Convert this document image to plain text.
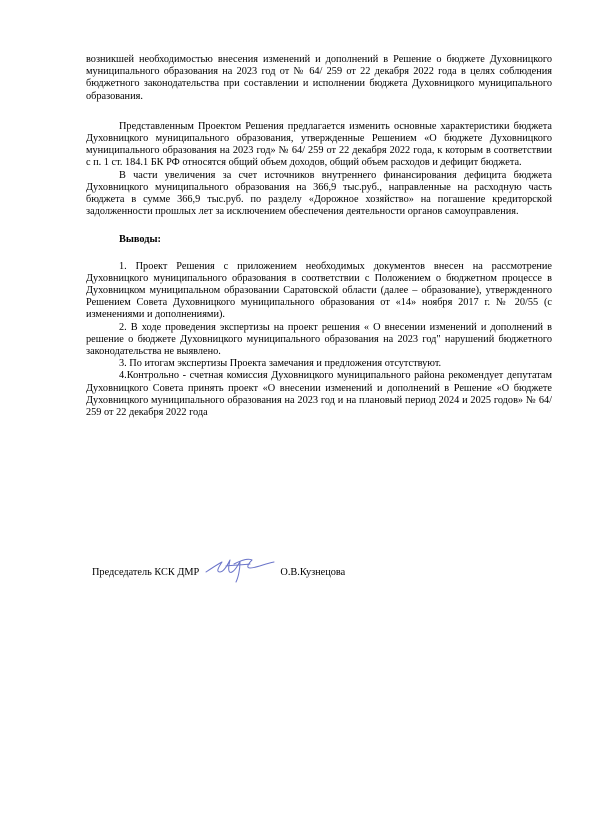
возникшей необходимостью внесения изменений и дополнений в Решение о бюджете Духовницкого муниципального образования на 2023 год от № 64/ 259 от 22 декабря 2022 года в целях соблюдения бюджетного законодательства при составлении и исполнении бюджета Духовницкого муниципального образования.

Представленным Проектом Решения предлагается изменить основные характеристики бюджета Духовницкого муниципального образования, утвержденные Решением «О бюджете Духовницкого муниципального образования на 2023 год» № 64/ 259 от 22 декабря 2022 года, к которым в соответствии с п. 1 ст. 184.1 БК РФ относятся общий объем доходов, общий объем расходов и дефицит бюджета.

В части увеличения за счет источников внутреннего финансирования дефицита бюджета Духовницкого муниципального образования на 366,9 тыс.руб., направленные на расходную часть бюджета в сумме 366,9 тыс.руб. по разделу «Дорожное хозяйство» на погашение кредиторской задолженности прошлых лет за исключением обеспечения деятельности органов самоуправления.

Выводы:

1. Проект Решения с приложением необходимых документов внесен на рассмотрение Духовницкого муниципального образования в соответствии с Положением о бюджетном процессе в Духовницком муниципальном образовании Саратовской области (далее – образование), утвержденного Решением Совета Духовницкого муниципального образования от «14» ноября 2017 г. № 20/55 (с изменениями и дополнениями).

2. В ходе проведения экспертизы на проект решения « О внесении изменений и дополнений в решение о бюджете Духовницкого муниципального образования на 2023 год" нарушений бюджетного законодательства не выявлено.

3. По итогам экспертизы Проекта замечания и предложения отсутствуют.

4.Контрольно - счетная комиссия Духовницкого муниципального района рекомендует депутатам Духовницкого Совета принять проект «О внесении изменений и дополнений в Решение «О бюджете Духовницкого муниципального образования на 2023 год и на плановый период 2024 и 2025 годов» № 64/ 259 от 22 декабря 2022 года

Председатель КСК ДМР	О.В.Кузнецова
